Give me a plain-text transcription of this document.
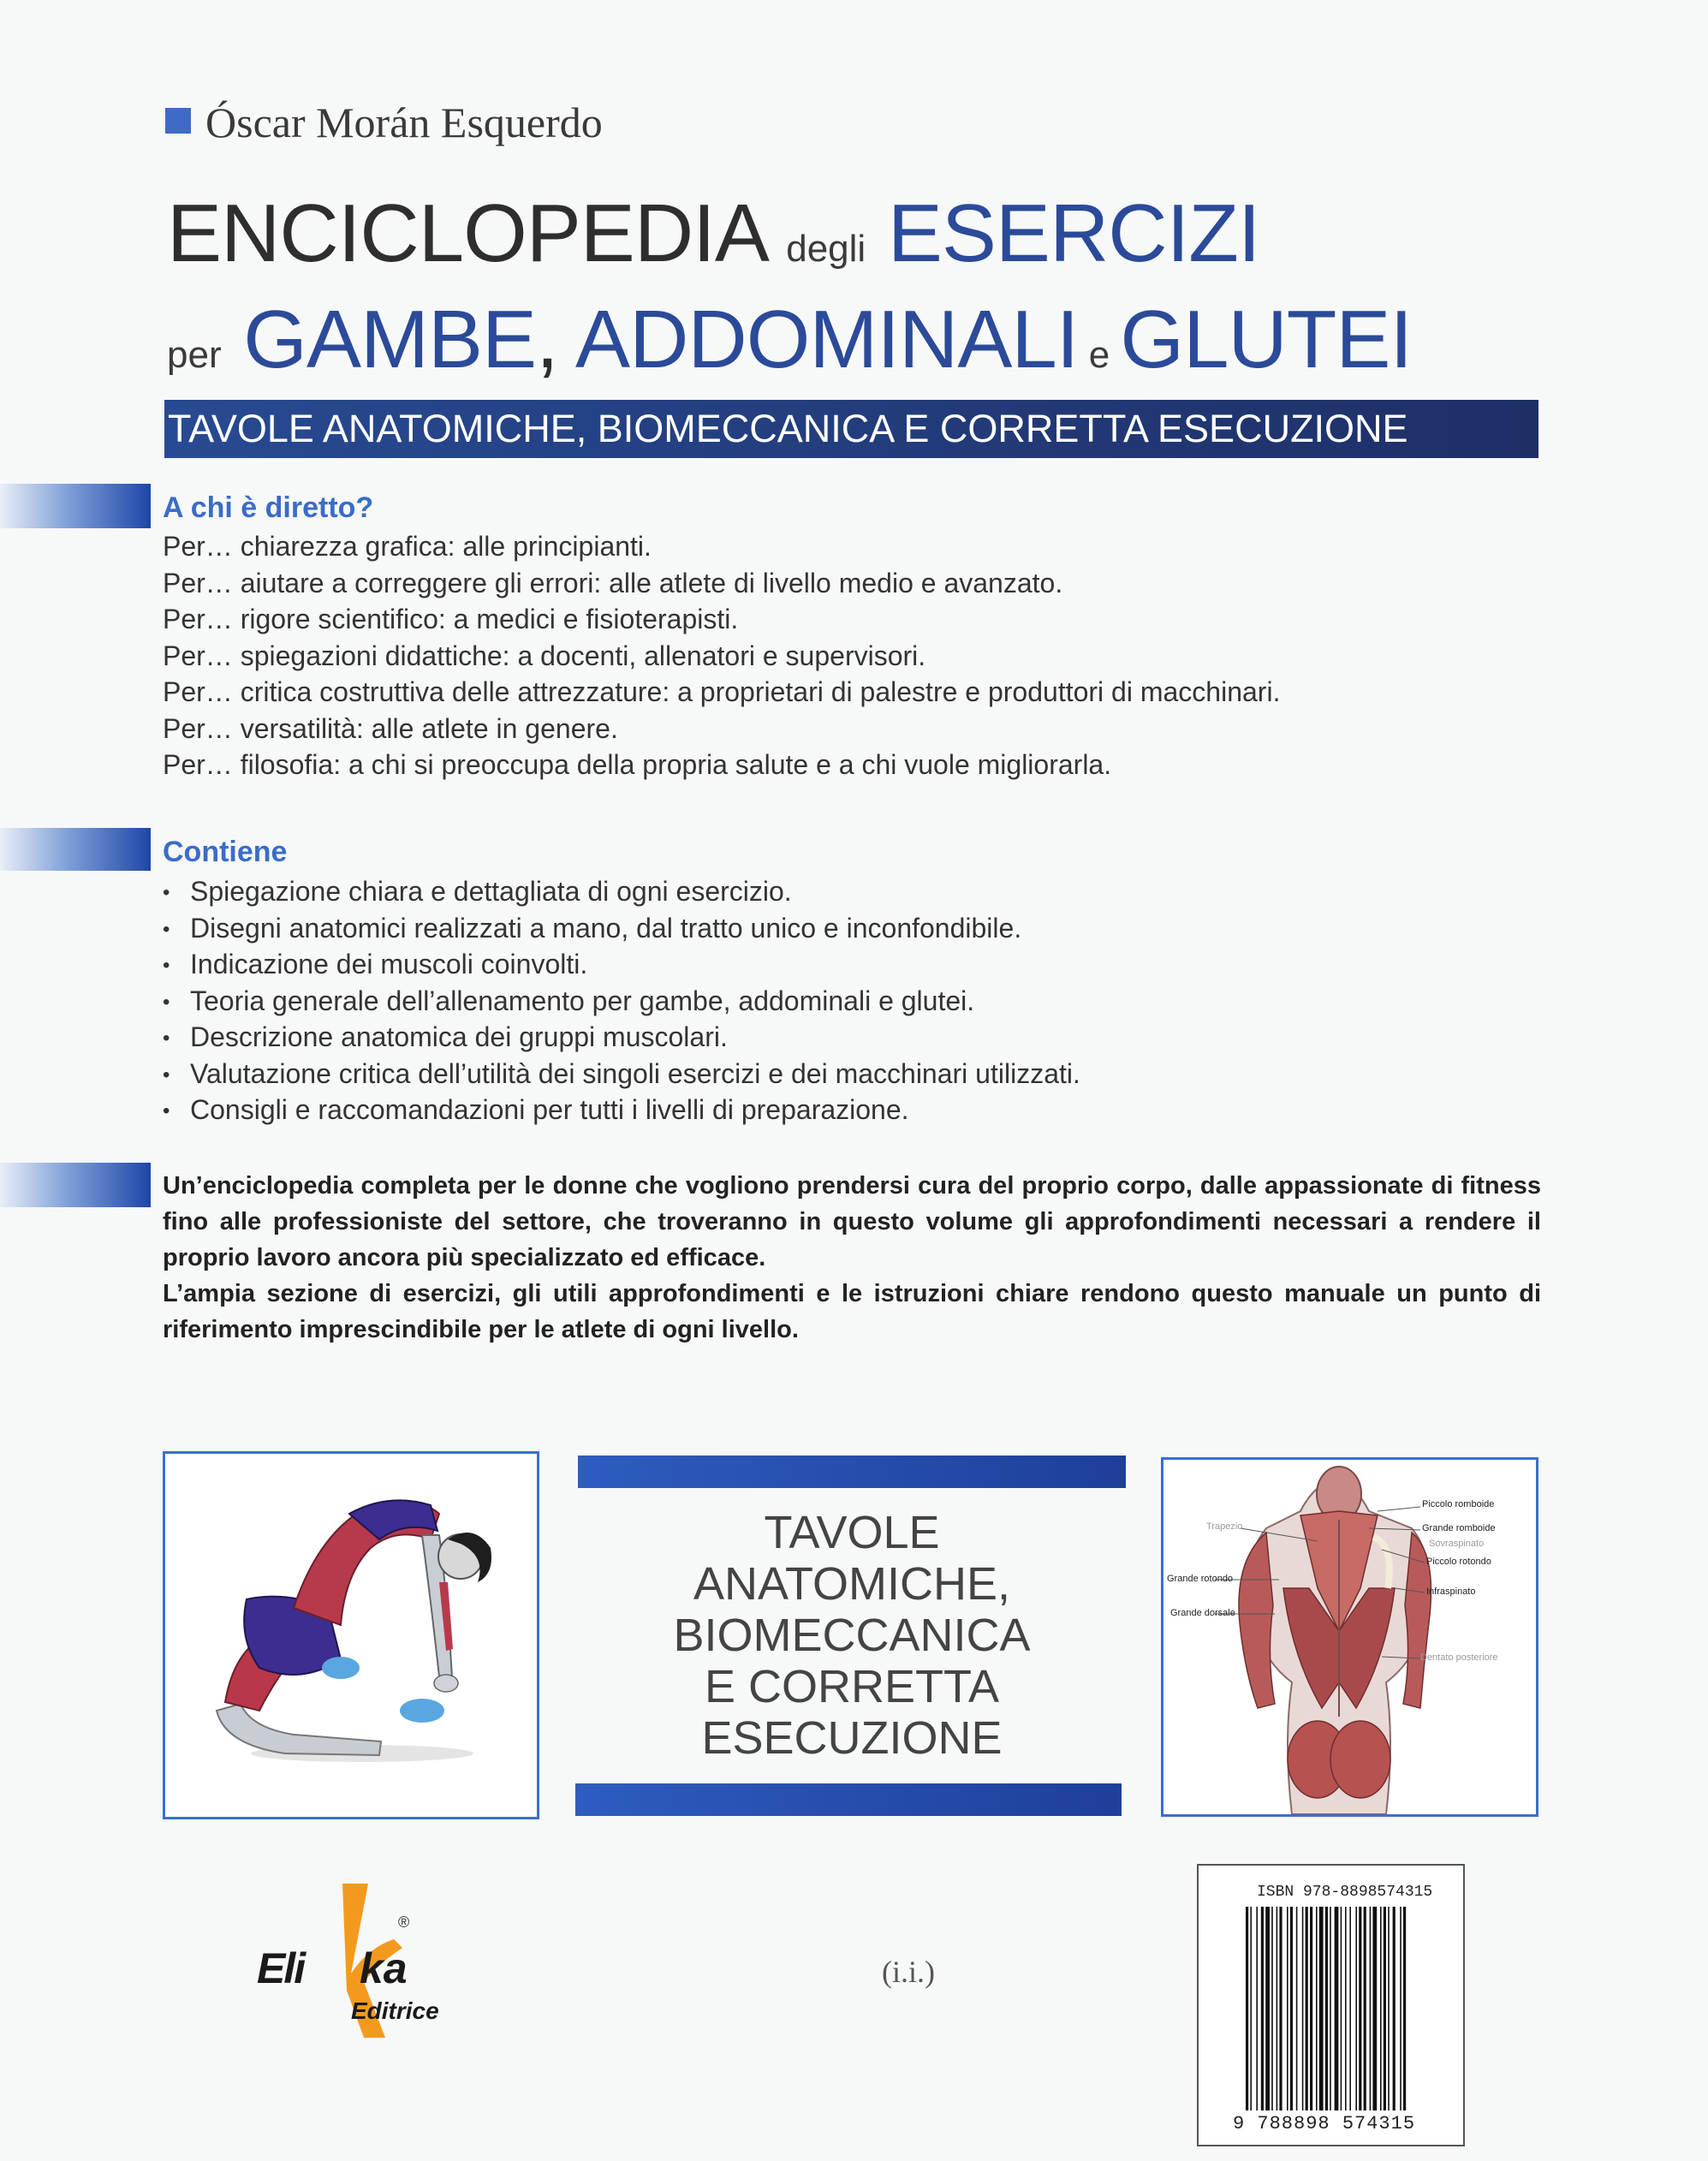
Óscar Morán Esquerdo
ENCICLOPEDIA degli ESERCIZI
per GAMBE, ADDOMINALI e GLUTEI
TAVOLE ANATOMICHE, BIOMECCANICA E CORRETTA ESECUZIONE
A chi è diretto?
Per… chiarezza grafica: alle principianti.
Per… aiutare a correggere gli errori: alle atlete di livello medio e avanzato.
Per… rigore scientifico: a medici e fisioterapisti.
Per… spiegazioni didattiche: a docenti, allenatori e supervisori.
Per… critica costruttiva delle attrezzature: a proprietari di palestre e produttori di macchinari.
Per… versatilità: alle atlete in genere.
Per… filosofia: a chi si preoccupa della propria salute e a chi vuole migliorarla.
Contiene
• Spiegazione chiara e dettagliata di ogni esercizio.
• Disegni anatomici realizzati a mano, dal tratto unico e inconfondibile.
• Indicazione dei muscoli coinvolti.
• Teoria generale dell’allenamento per gambe, addominali e glutei.
• Descrizione anatomica dei gruppi muscolari.
• Valutazione critica dell’utilità dei singoli esercizi e dei macchinari utilizzati.
• Consigli e raccomandazioni per tutti i livelli di preparazione.

Un’enciclopedia completa per le donne che vogliono prendersi cura del proprio corpo, dalle appassionate di fitness fino alle professioniste del settore, che troveranno in questo volume gli approfondimenti necessari a rendere il proprio lavoro ancora più specializzato ed efficace.

L’ampia sezione di esercizi, gli utili approfondimenti e le istruzioni chiare rendono questo manuale un punto di riferimento imprescindibile per le atlete di ogni livello.

TAVOLE
ANATOMICHE,
BIOMECCANICA
E CORRETTA
ESECUZIONE
Piccolo romboide
Trapezio	Grande romboide
Sovraspinato
Piccolo rotondo
Grande rotondo
Infraspinato
Grande dorsale
Dentato posteriore
Eli ka
Editrice
®
(i.i.)
ISBN 978-8898574315
9 788898 574315
